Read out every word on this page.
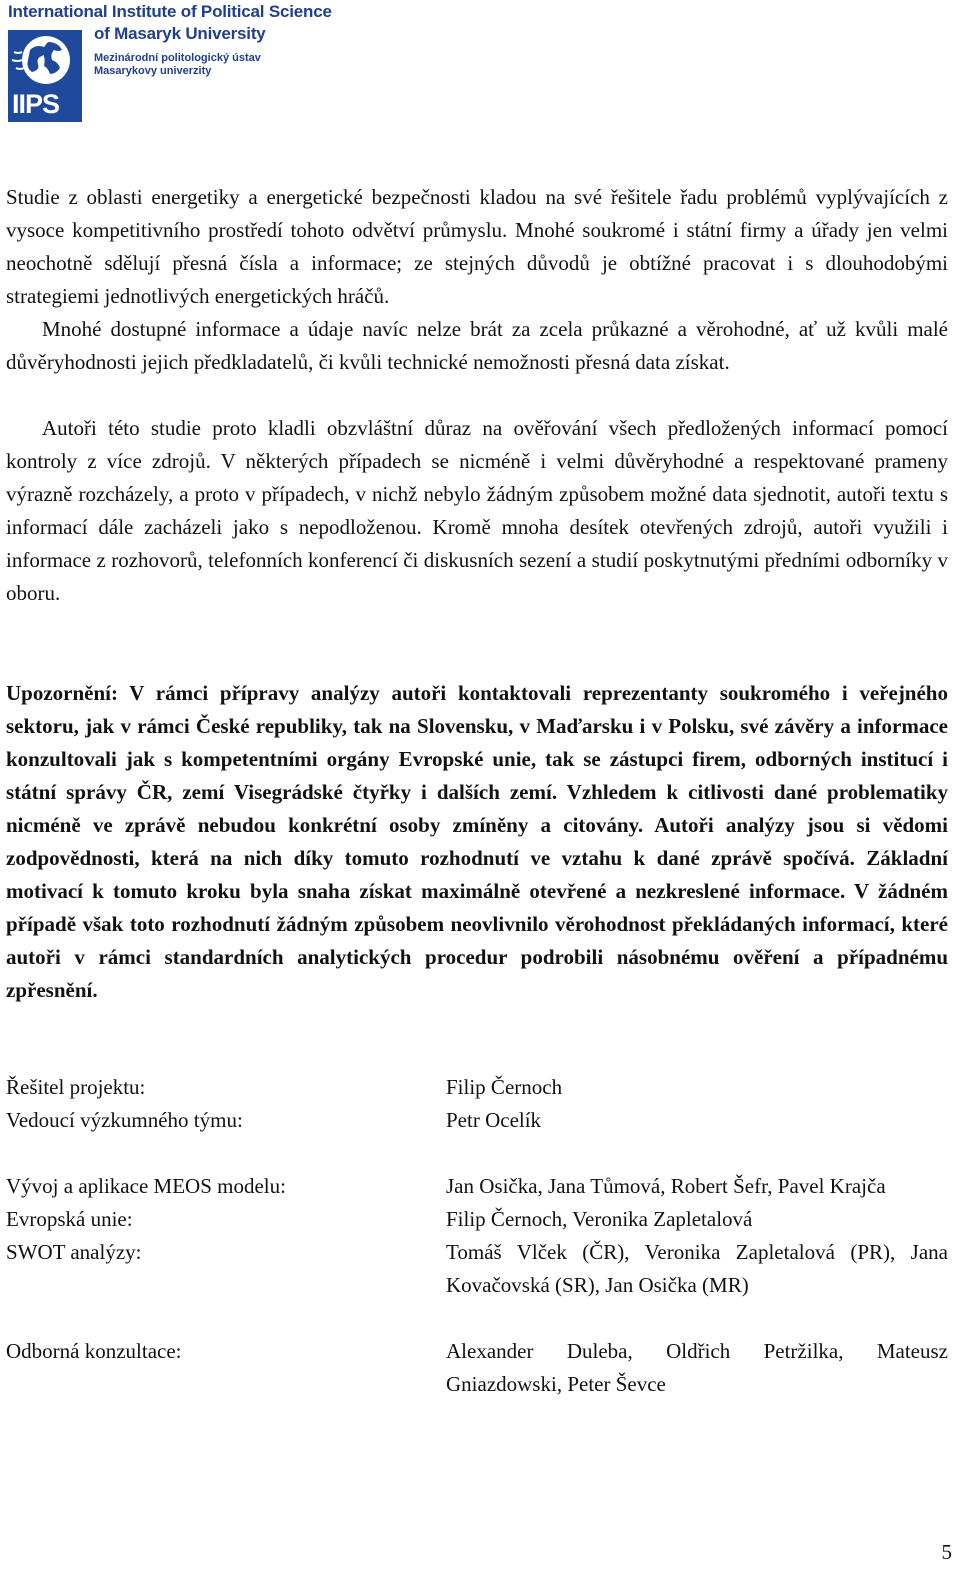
International Institute of Political Science
of Masaryk University
Mezinárodní politologický ústav Masarykovy univerzity
IIPS

Studie z oblasti energetiky a energetické bezpečnosti kladou na své řešitele řadu problémů vyplývajících z vysoce kompetitivního prostředí tohoto odvětví průmyslu. Mnohé soukromé i státní firmy a úřady jen velmi neochotně sdělují přesná čísla a informace; ze stejných důvodů je obtížné pracovat i s dlouhodobými strategiemi jednotlivých energetických hráčů.

Mnohé dostupné informace a údaje navíc nelze brát za zcela průkazné a věrohodné, ať už kvůli malé důvěryhodnosti jejich předkladatelů, či kvůli technické nemožnosti přesná data získat.

Autoři této studie proto kladli obzvláštní důraz na ověřování všech předložených informací pomocí kontroly z více zdrojů. V některých případech se nicméně i velmi důvěryhodné a respektované prameny výrazně rozcházely, a proto v případech, v nichž nebylo žádným způsobem možné data sjednotit, autoři textu s informací dále zacházeli jako s nepodloženou. Kromě mnoha desítek otevřených zdrojů, autoři využili i informace z rozhovorů, telefonních konferencí či diskusních sezení a studií poskytnutými předními odborníky v oboru.

Upozornění: V rámci přípravy analýzy autoři kontaktovali reprezentanty soukromého i veřejného sektoru, jak v rámci České republiky, tak na Slovensku, v Maďarsku i v Polsku, své závěry a informace konzultovali jak s kompetentními orgány Evropské unie, tak se zástupci firem, odborných institucí i státní správy ČR, zemí Visegrádské čtyřky i dalších zemí. Vzhledem k citlivosti dané problematiky nicméně ve zprávě nebudou konkrétní osoby zmíněny a citovány. Autoři analýzy jsou si vědomi zodpovědnosti, která na nich díky tomuto rozhodnutí ve vztahu k dané zprávě spočívá. Základní motivací k tomuto kroku byla snaha získat maximálně otevřené a nezkreslené informace. V žádném případě však toto rozhodnutí žádným způsobem neovlivnilo věrohodnost překládaných informací, které autoři v rámci standardních analytických procedur podrobili násobnému ověření a případnému zpřesnění.

Řešitel projektu:	Filip Černoch
Vedoucí výzkumného týmu:	Petr Ocelík
Vývoj a aplikace MEOS modelu:	Jan Osička, Jana Tůmová, Robert Šefr, Pavel Krajča
Evropská unie:	Filip Černoch, Veronika Zapletalová
SWOT analýzy:	Tomáš Vlček (ČR), Veronika Zapletalová (PR), Jana Kovačovská (SR), Jan Osička (MR)
Odborná konzultace:	Alexander Duleba, Oldřich Petržilka, Mateusz Gniazdowski, Peter Ševce
5
